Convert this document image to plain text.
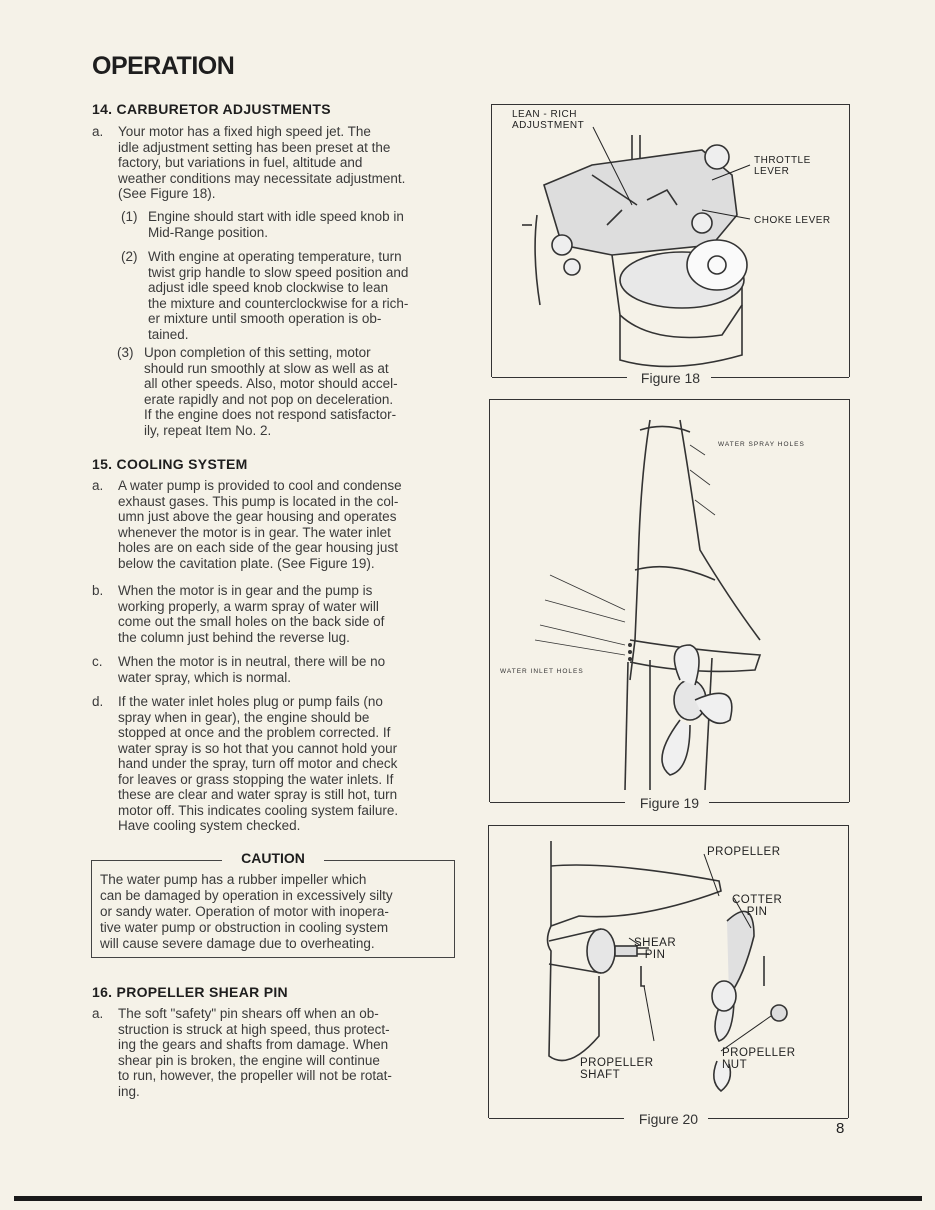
OPERATION
14. CARBURETOR ADJUSTMENTS
a. Your motor has a fixed high speed jet. The
idle adjustment setting has been preset at the
factory, but variations in fuel, altitude and
weather conditions may necessitate adjustment.
(See Figure 18).
(1) Engine should start with idle speed knob in
Mid-Range position.
(2) With engine at operating temperature, turn
twist grip handle to slow speed position and
adjust idle speed knob clockwise to lean
the mixture and counterclockwise for a rich-
er mixture until smooth operation is ob-
tained.
(3) Upon completion of this setting, motor
should run smoothly at slow as well as at
all other speeds. Also, motor should accel-
erate rapidly and not pop on deceleration.
If the engine does not respond satisfactor-
ily, repeat Item No. 2.
15. COOLING SYSTEM
a. A water pump is provided to cool and condense
exhaust gases. This pump is located in the col-
umn just above the gear housing and operates
whenever the motor is in gear. The water inlet
holes are on each side of the gear housing just
below the cavitation plate. (See Figure 19).
b. When the motor is in gear and the pump is
working properly, a warm spray of water will
come out the small holes on the back side of
the column just behind the reverse lug.
c. When the motor is in neutral, there will be no
water spray, which is normal.
d. If the water inlet holes plug or pump fails (no
spray when in gear), the engine should be
stopped at once and the problem corrected. If
water spray is so hot that you cannot hold your
hand under the spray, turn off motor and check
for leaves or grass stopping the water inlets. If
these are clear and water spray is still hot, turn
motor off. This indicates cooling system failure.
Have cooling system checked.
CAUTION
The water pump has a rubber impeller which
can be damaged by operation in excessively silty
or sandy water. Operation of motor with inopera-
tive water pump or obstruction in cooling system
will cause severe damage due to overheating.
16. PROPELLER SHEAR PIN
a. The soft "safety" pin shears off when an ob-
struction is struck at high speed, thus protect-
ing the gears and shafts from damage. When
shear pin is broken, the engine will continue
to run, however, the propeller will not be rotat-
ing.
LEAN - RICH
ADJUSTMENT
THROTTLE
LEVER
CHOKE LEVER
Figure 18
WATER SPRAY HOLES
WATER INLET HOLES
Figure 19
PROPELLER
COTTER
PIN
SHEAR
PIN
PROPELLER
NUT
PROPELLER
SHAFT
Figure 20
8
